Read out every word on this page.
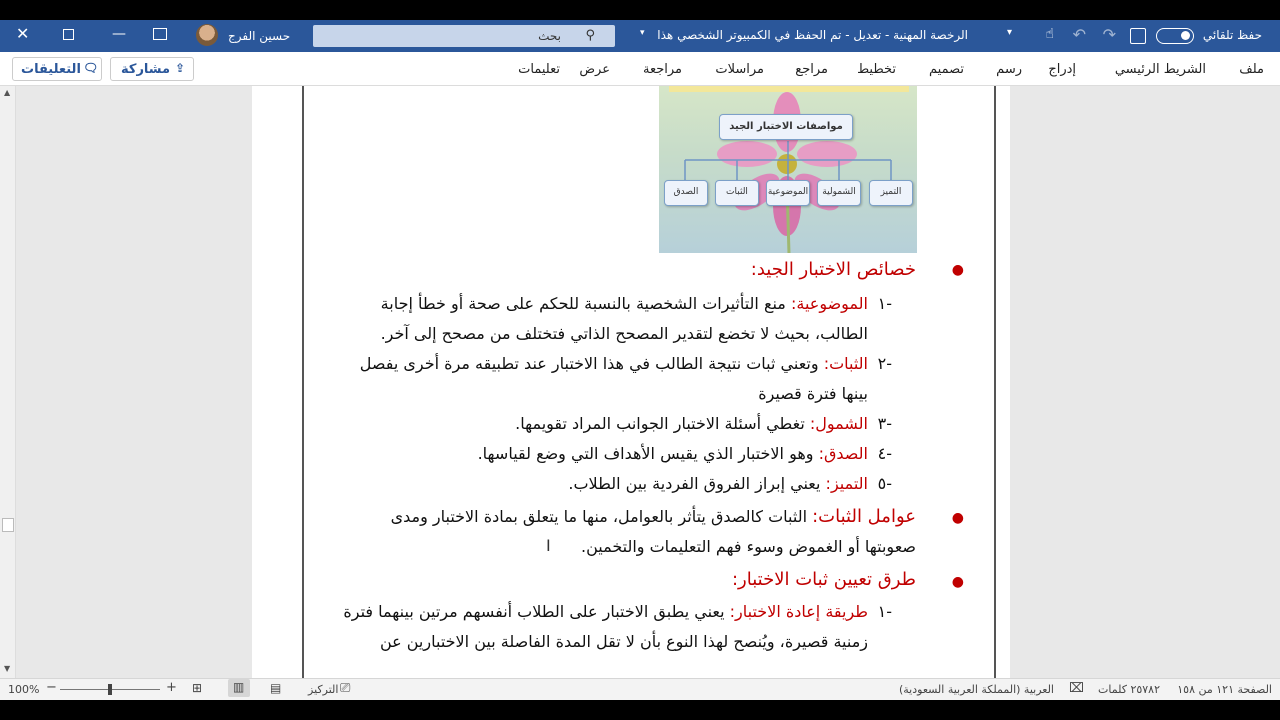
حفظ تلقائي
↷
↶
☝
▾
الرخصة المهنية - تعديل - تم الحفظ في الكمبيوتر الشخصي هذا
▾
بحث ⚲
حسين الفرج
—
✕
ملف
الشريط الرئيسي
إدراج
رسم
تصميم
تخطيط
مراجع
مراسلات
مراجعة
عرض
تعليمات
مشاركة ⇪
التعليقات 🗨
▲
▼
مواصفات الاختبار الجيد
التميز
الشمولية
الموضوعية
الثبات
الصدق
●
خصائص الاختبار الجيد:
-١
الموضوعية: منع التأثيرات الشخصية بالنسبة للحكم على صحة أو خطأ إجابة
الطالب، بحيث لا تخضع لتقدير المصحح الذاتي فتختلف من مصحح إلى آخر.
-٢
الثبات: وتعني ثبات نتيجة الطالب في هذا الاختبار عند تطبيقه مرة أخرى يفصل
بينها فترة قصيرة
-٣
الشمول: تغطي أسئلة الاختبار الجوانب المراد تقويمها.
-٤
الصدق: وهو الاختبار الذي يقيس الأهداف التي وضع لقياسها.
-٥
التميز: يعني إبراز الفروق الفردية بين الطلاب.
●
عوامل الثبات: الثبات كالصدق يتأثر بالعوامل، منها ما يتعلق بمادة الاختبار ومدى
صعوبتها أو الغموض وسوء فهم التعليمات والتخمين.
I
●
طرق تعيين ثبات الاختبار:
-١
طريقة إعادة الاختبار: يعني يطبق الاختبار على الطلاب أنفسهم مرتين بينهما فترة
زمنية قصيرة، ويُنصح لهذا النوع بأن لا تقل المدة الفاصلة بين الاختبارين عن
الصفحة ١٢١ من ١٥٨
٢٥٧٨٢ كلمات
⌧
العربية (المملكة العربية السعودية)
⎚
التركيز
▤
▥
⊞
+
−
100%
